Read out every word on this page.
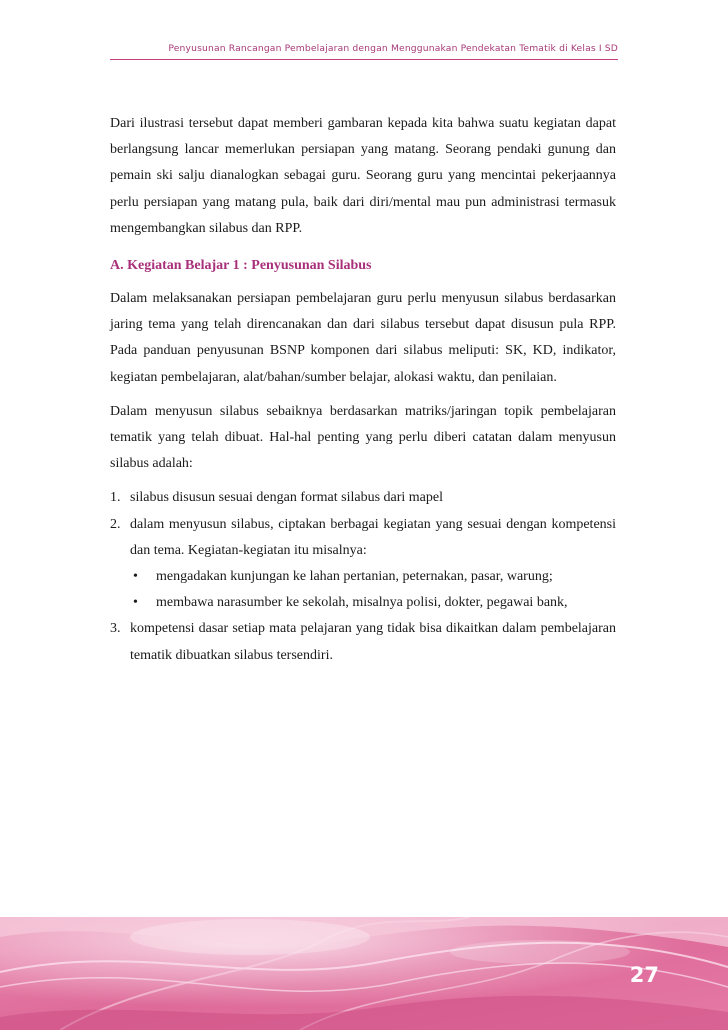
Penyusunan Rancangan Pembelajaran dengan Menggunakan Pendekatan Tematik di Kelas I SD

Dari ilustrasi tersebut dapat memberi gambaran kepada kita bahwa suatu kegiatan dapat berlangsung lancar memerlukan persiapan yang matang. Seorang pendaki gunung dan pemain ski salju dianalogkan sebagai guru. Seorang guru yang mencintai pekerjaannya perlu persiapan yang matang pula, baik dari diri/mental mau pun administrasi termasuk mengembangkan silabus dan RPP.

A. Kegiatan Belajar 1 : Penyusunan Silabus

Dalam melaksanakan persiapan pembelajaran guru perlu menyusun silabus berdasarkan jaring tema yang telah direncanakan dan dari silabus tersebut dapat disusun pula RPP. Pada panduan penyusunan BSNP komponen dari silabus meliputi: SK, KD, indikator, kegiatan pembelajaran, alat/bahan/sumber belajar, alokasi waktu, dan penilaian.

Dalam menyusun silabus sebaiknya berdasarkan matriks/jaringan topik pembelajaran tematik yang telah dibuat. Hal-hal penting yang perlu diberi catatan dalam menyusun silabus adalah:

1. silabus disusun sesuai dengan format silabus dari mapel
2. dalam menyusun silabus, ciptakan berbagai kegiatan yang sesuai dengan kompetensi dan tema. Kegiatan-kegiatan itu misalnya:
• mengadakan kunjungan ke lahan pertanian, peternakan, pasar, warung;
• membawa narasumber ke sekolah, misalnya polisi, dokter, pegawai bank,
3. kompetensi dasar setiap mata pelajaran yang tidak bisa dikaitkan dalam pembelajaran tematik dibuatkan silabus tersendiri.
27
